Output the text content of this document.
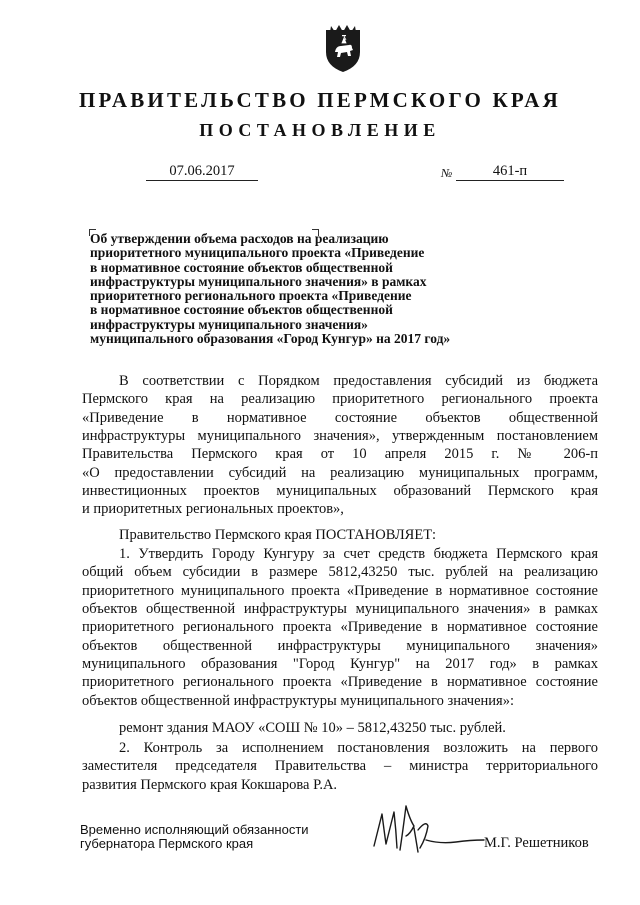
ПРАВИТЕЛЬСТВО ПЕРМСКОГО КРАЯ
ПОСТАНОВЛЕНИЕ
07.06.2017	№	461-п
Об утверждении объема расходов на реализацию
приоритетного муниципального проекта «Приведение
в нормативное состояние объектов общественной
инфраструктуры муниципального значения» в рамках
приоритетного регионального проекта «Приведение
в нормативное состояние объектов общественной
инфраструктуры муниципального значения»
муниципального образования «Город Кунгур» на 2017 год»
В соответствии с Порядком предоставления субсидий из бюджета
Пермского края на реализацию приоритетного регионального проекта
«Приведение в нормативное состояние объектов общественной
инфраструктуры муниципального значения», утвержденным постановлением
Правительства Пермского края от 10 апреля 2015 г. № 206-п
«О предоставлении субсидий на реализацию муниципальных программ,
инвестиционных проектов муниципальных образований Пермского края
и приоритетных региональных проектов»,
Правительство Пермского края ПОСТАНОВЛЯЕТ:
1. Утвердить Городу Кунгуру за счет средств бюджета Пермского края
общий объем субсидии в размере 5812,43250 тыс. рублей на реализацию
приоритетного муниципального проекта «Приведение в нормативное состояние
объектов общественной инфраструктуры муниципального значения» в рамках
приоритетного регионального проекта «Приведение в нормативное состояние
объектов общественной инфраструктуры муниципального значения»
муниципального образования "Город Кунгур" на 2017 год» в рамках
приоритетного регионального проекта «Приведение в нормативное состояние
объектов общественной инфраструктуры муниципального значения»:
ремонт здания МАОУ «СОШ № 10» – 5812,43250 тыс. рублей.
2. Контроль за исполнением постановления возложить на первого
заместителя председателя Правительства – министра территориального
развития Пермского края Кокшарова Р.А.
Временно исполняющий обязанности
губернатора Пермского края	М.Г. Решетников
